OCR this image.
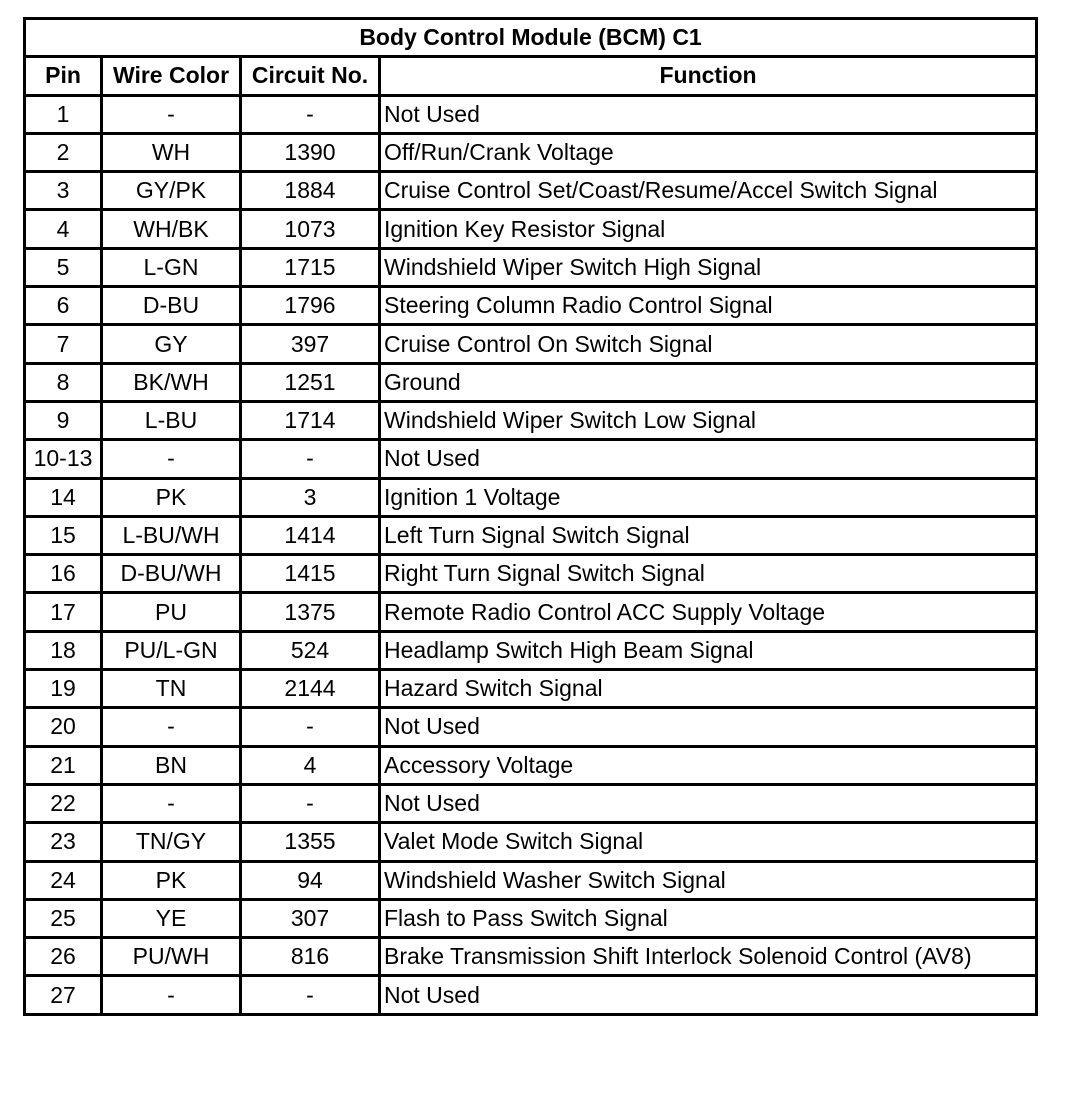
Body Control Module (BCM) C1			
Pin	Wire Color	Circuit No.	Function
1	-	-	Not Used
2	WH	1390	Off/Run/Crank Voltage
3	GY/PK	1884	Cruise Control Set/Coast/Resume/Accel Switch Signal
4	WH/BK	1073	Ignition Key Resistor Signal
5	L-GN	1715	Windshield Wiper Switch High Signal
6	D-BU	1796	Steering Column Radio Control Signal
7	GY	397	Cruise Control On Switch Signal
8	BK/WH	1251	Ground
9	L-BU	1714	Windshield Wiper Switch Low Signal
10-13	-	-	Not Used
14	PK	3	Ignition 1 Voltage
15	L-BU/WH	1414	Left Turn Signal Switch Signal
16	D-BU/WH	1415	Right Turn Signal Switch Signal
17	PU	1375	Remote Radio Control ACC Supply Voltage
18	PU/L-GN	524	Headlamp Switch High Beam Signal
19	TN	2144	Hazard Switch Signal
20	-	-	Not Used
21	BN	4	Accessory Voltage
22	-	-	Not Used
23	TN/GY	1355	Valet Mode Switch Signal
24	PK	94	Windshield Washer Switch Signal
25	YE	307	Flash to Pass Switch Signal
26	PU/WH	816	Brake Transmission Shift Interlock Solenoid Control (AV8)
27	-	-	Not Used
